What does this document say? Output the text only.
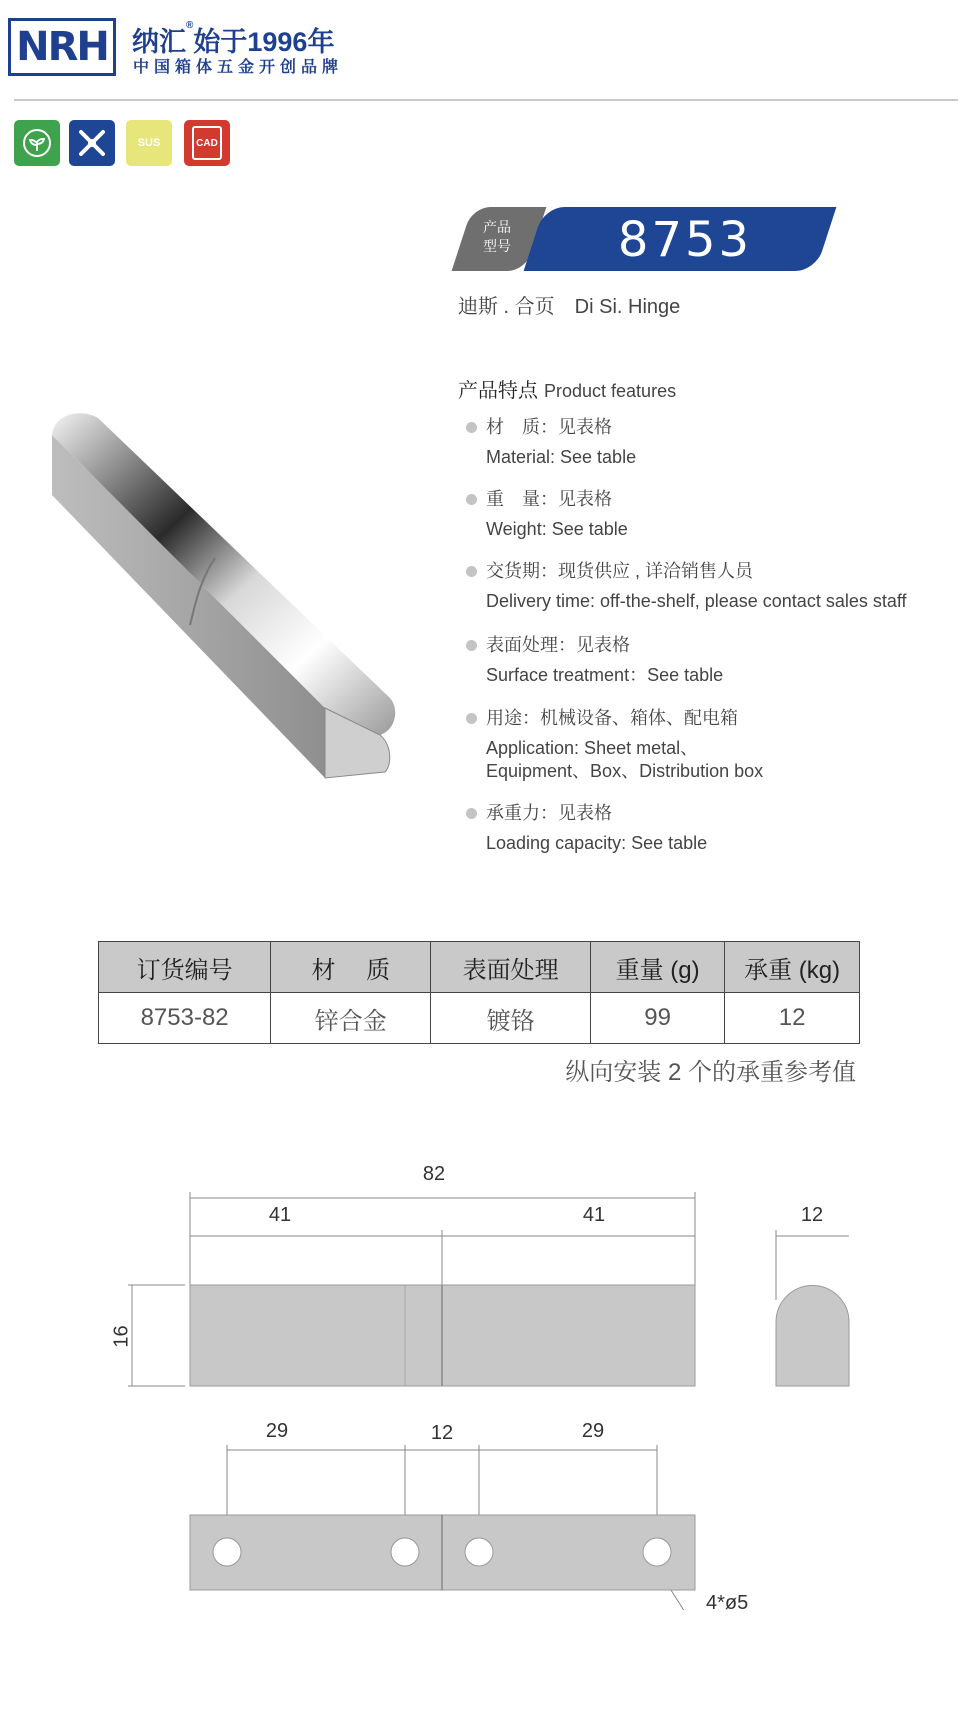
NRH 纳汇®始于1996年
中国箱体五金开创品牌
SUS	CAD
产品
型号	8753
迪斯 . 合页 Di Si. Hinge
产品特点 Product features
材　质：见表格
Material: See table
重　量：见表格
Weight: See table
交货期：现货供应 , 详洽销售人员
Delivery time: off-the-shelf, please contact sales staff
表面处理：见表格
Surface treatment：See table
用途：机械设备、箱体、配电箱
Application: Sheet metal、
Equipment、Box、Distribution box
承重力：见表格
Loading capacity: See table
订货编号	材　 质	表面处理	重量 (g)	承重 (kg)
8753-82	锌合金	镀铬	99	12
纵向安装 2 个的承重参考值
82
41	41
16
12
29	12	29
4*ø5
